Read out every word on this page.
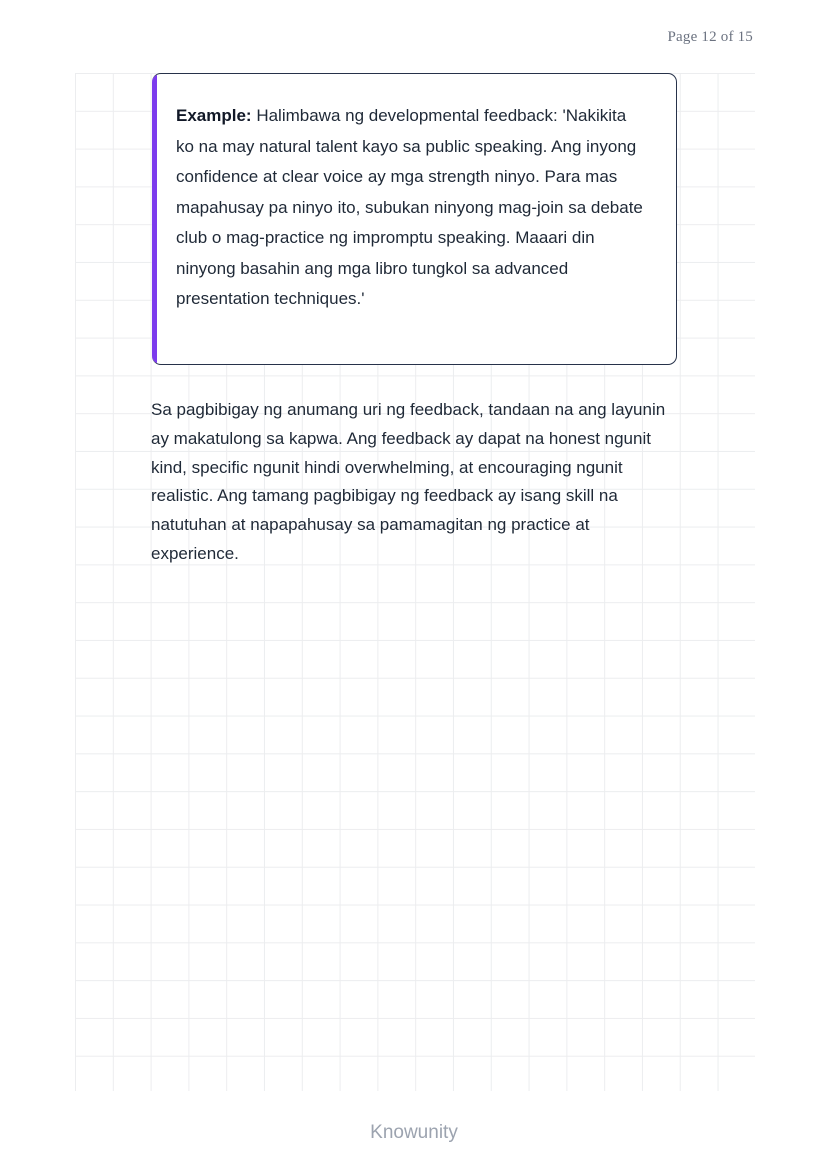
Page 12 of 15
Example: Halimbawa ng developmental feedback: 'Nakikita ko na may natural talent kayo sa public speaking. Ang inyong confidence at clear voice ay mga strength ninyo. Para mas mapahusay pa ninyo ito, subukan ninyong mag-join sa debate club o mag-practice ng impromptu speaking. Maaari din ninyong basahin ang mga libro tungkol sa advanced presentation techniques.'
Sa pagbibigay ng anumang uri ng feedback, tandaan na ang layunin ay makatulong sa kapwa. Ang feedback ay dapat na honest ngunit kind, specific ngunit hindi overwhelming, at encouraging ngunit realistic. Ang tamang pagbibigay ng feedback ay isang skill na natutuhan at napapahusay sa pamamagitan ng practice at experience.
Knowunity
